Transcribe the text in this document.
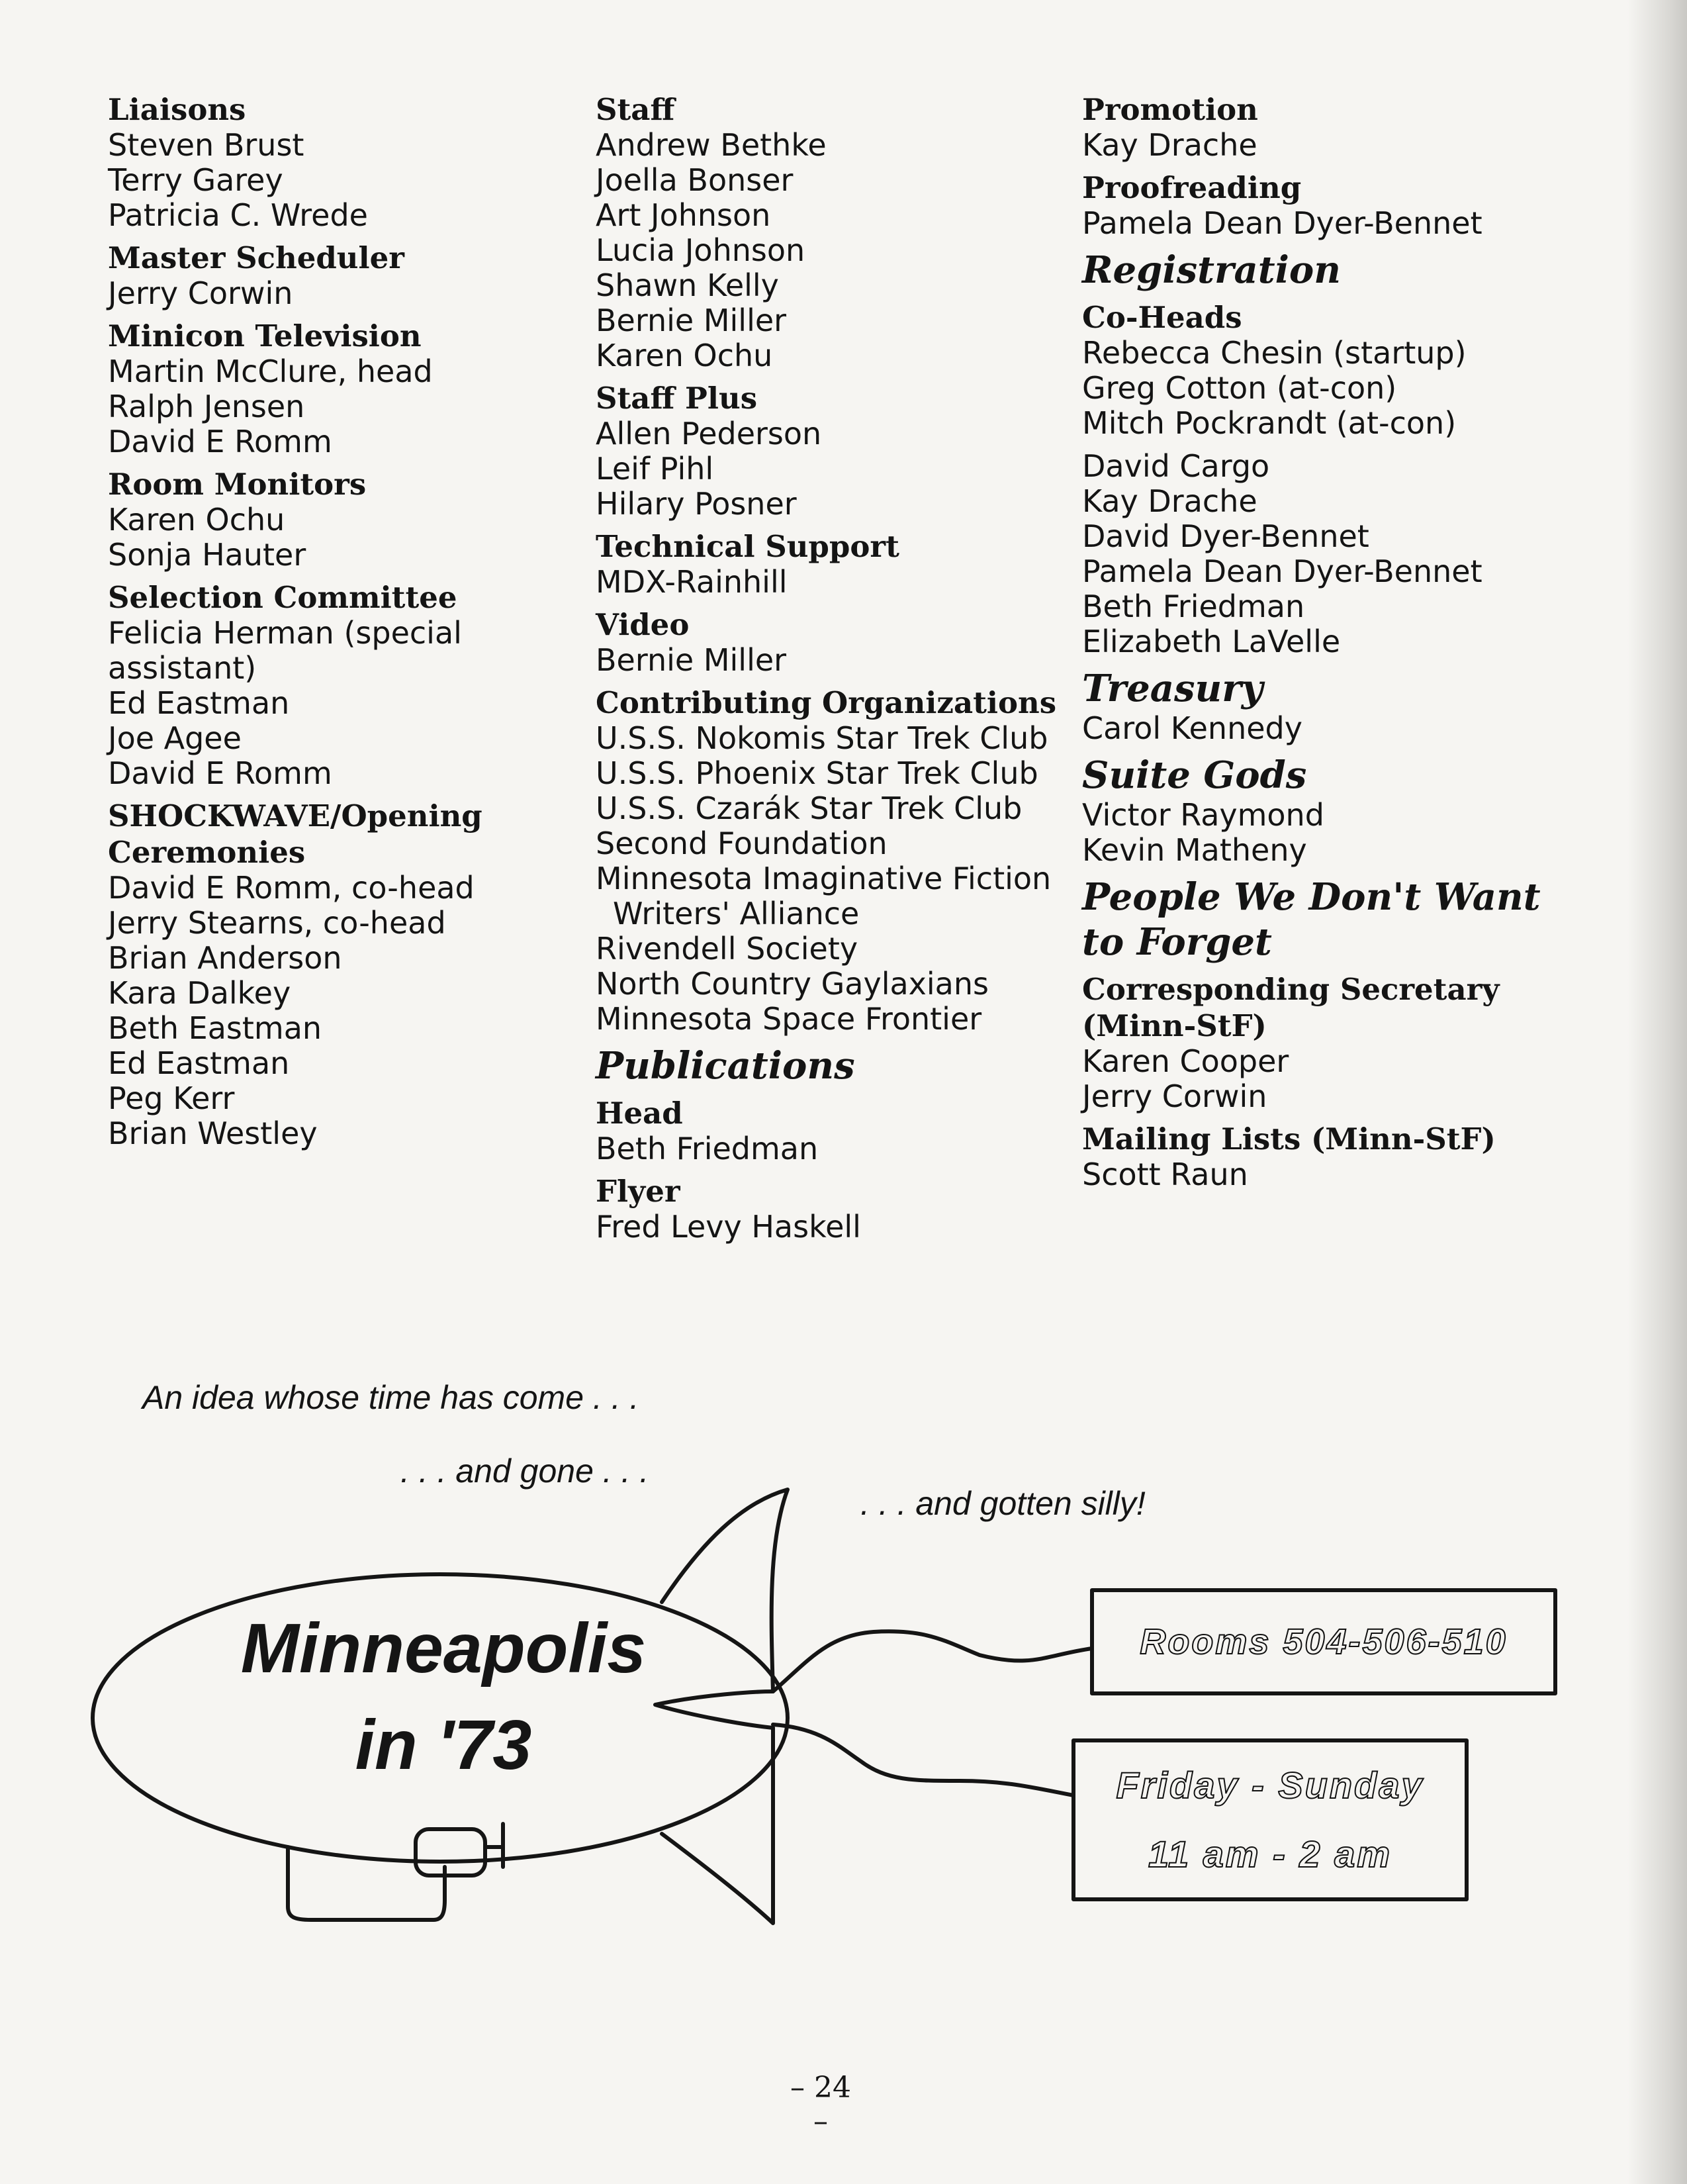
Liaisons
Steven Brust
Terry Garey
Patricia C. Wrede
Master Scheduler
Jerry Corwin
Minicon Television
Martin McClure, head
Ralph Jensen
David E Romm
Room Monitors
Karen Ochu
Sonja Hauter
Selection Committee
Felicia Herman (special
assistant)
Ed Eastman
Joe Agee
David E Romm
SHOCKWAVE/Opening
Ceremonies
David E Romm, co-head
Jerry Stearns, co-head
Brian Anderson
Kara Dalkey
Beth Eastman
Ed Eastman
Peg Kerr
Brian Westley
Staff
Andrew Bethke
Joella Bonser
Art Johnson
Lucia Johnson
Shawn Kelly
Bernie Miller
Karen Ochu
Staff Plus
Allen Pederson
Leif Pihl
Hilary Posner
Technical Support
MDX-Rainhill
Video
Bernie Miller
Contributing Organizations
U.S.S. Nokomis Star Trek Club
U.S.S. Phoenix Star Trek Club
U.S.S. Czarák Star Trek Club
Second Foundation
Minnesota Imaginative Fiction
Writers' Alliance
Rivendell Society
North Country Gaylaxians
Minnesota Space Frontier
Publications
Head
Beth Friedman
Flyer
Fred Levy Haskell
Promotion
Kay Drache
Proofreading
Pamela Dean Dyer-Bennet
Registration
Co-Heads
Rebecca Chesin (startup)
Greg Cotton (at-con)
Mitch Pockrandt (at-con)
David Cargo
Kay Drache
David Dyer-Bennet
Pamela Dean Dyer-Bennet
Beth Friedman
Elizabeth LaVelle
Treasury
Carol Kennedy
Suite Gods
Victor Raymond
Kevin Matheny
People We Don't Want
to Forget
Corresponding Secretary
(Minn-StF)
Karen Cooper
Jerry Corwin
Mailing Lists (Minn-StF)
Scott Raun
An idea whose time has come . . .
. . . and gone . . .
. . . and gotten silly!
Minneapolis
in '73
Rooms 504-506-510
Friday - Sunday
11 am - 2 am
– 24 –
